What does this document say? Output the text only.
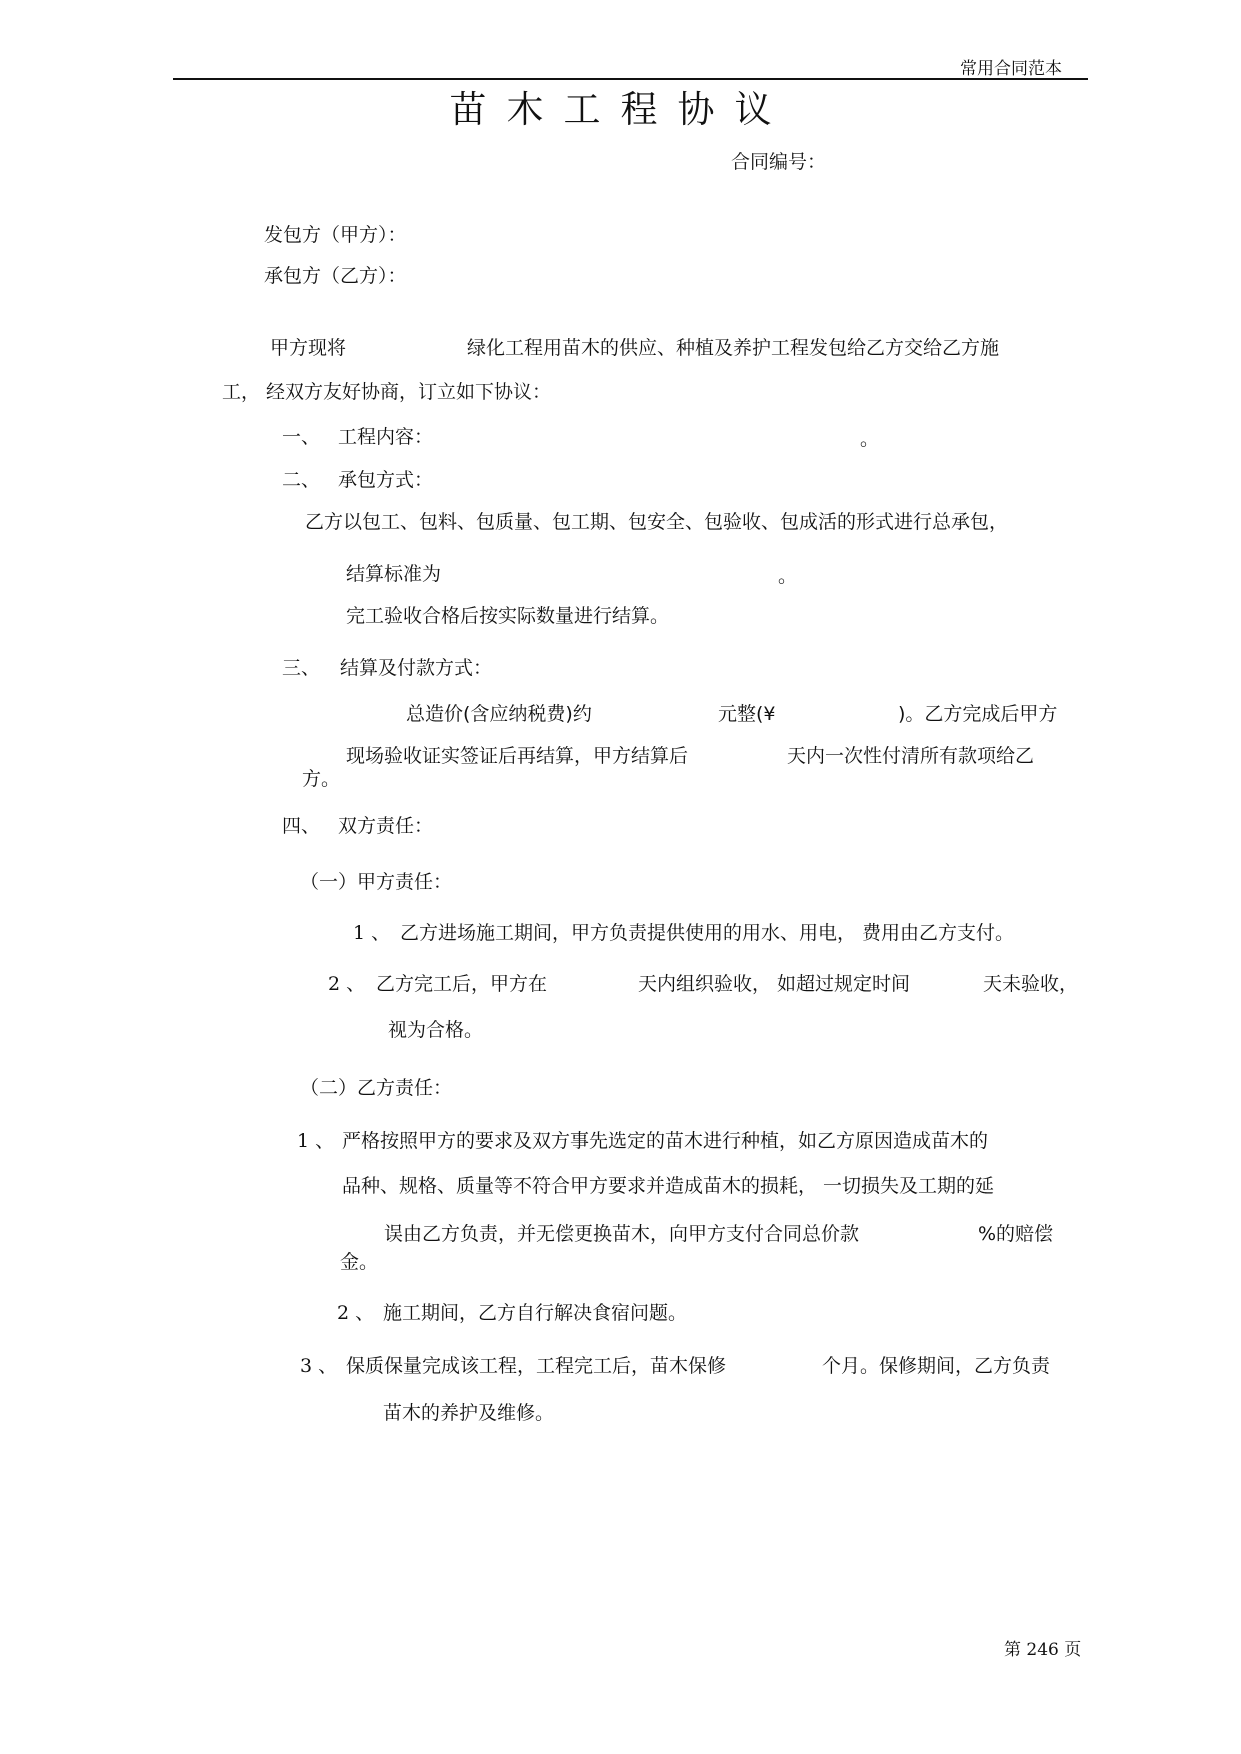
常用合同范本
苗木工程协议
合同编号：
发包方（甲方）：
承包方（乙方）：
甲方现将	绿化工程用苗木的供应、种植及养护工程发包给乙方交给乙方施
工， 经双方友好协商，订立如下协议：
一、 工程内容：	。
二、 承包方式：
乙方以包工、包料、包质量、包工期、包安全、包验收、包成活的形式进行总承包，
结算标准为	。
完工验收合格后按实际数量进行结算。
三、 结算及付款方式：
总造价(含应纳税费)约	元整(¥	)。乙方完成后甲方
现场验收证实签证后再结算，甲方结算后	天内一次性付清所有款项给乙
方。
四、 双方责任：
（一）甲方责任：
1 、 乙方进场施工期间，甲方负责提供使用的用水、用电， 费用由乙方支付。
2 、 乙方完工后，甲方在	天内组织验收， 如超过规定时间	天未验收，
视为合格。
（二）乙方责任：
1 、 严格按照甲方的要求及双方事先选定的苗木进行种植，如乙方原因造成苗木的
品种、规格、质量等不符合甲方要求并造成苗木的损耗， 一切损失及工期的延
误由乙方负责，并无偿更换苗木，向甲方支付合同总价款	%的赔偿
金。
2 、 施工期间，乙方自行解决食宿问题。
3 、 保质保量完成该工程，工程完工后，苗木保修	个月。保修期间，乙方负责
苗木的养护及维修。
第 246 页
